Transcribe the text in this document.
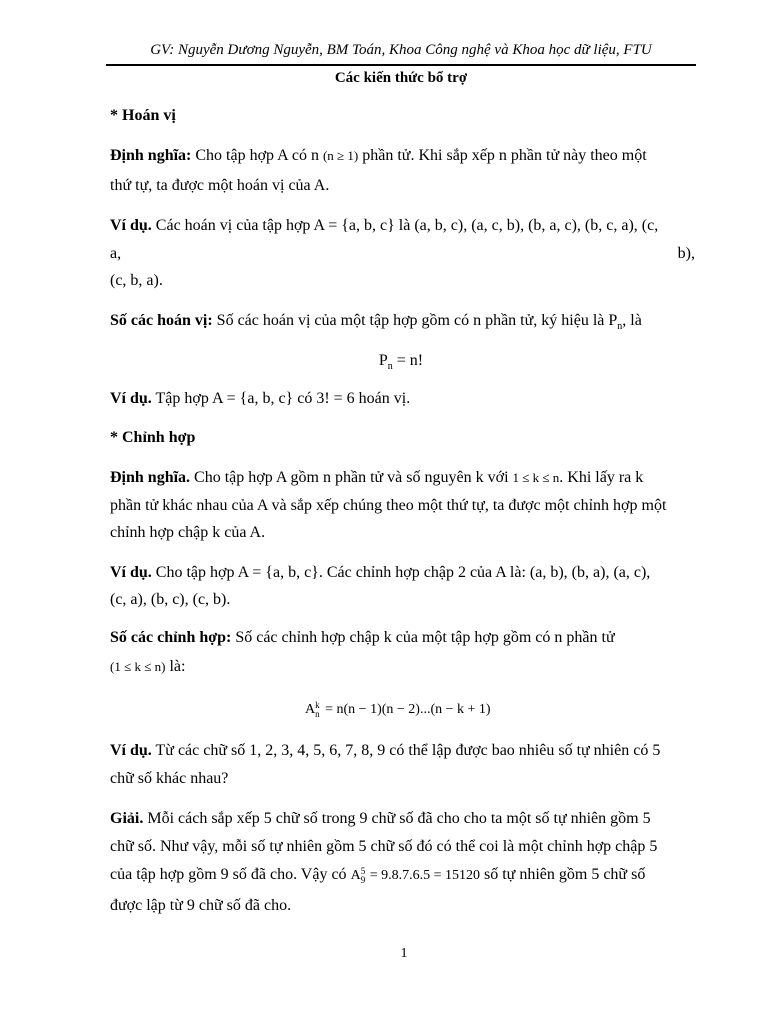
GV: Nguyễn Dương Nguyễn, BM Toán, Khoa Công nghệ và Khoa học dữ liệu, FTU
Các kiến thức bổ trợ
* Hoán vị
Định nghĩa: Cho tập hợp A có n (n ≥ 1) phần tử. Khi sắp xếp n phần tử này theo một
thứ tự, ta được một hoán vị của A.
Ví dụ. Các hoán vị của tập hợp A = {a, b, c} là (a, b, c), (a, c, b), (b, a, c), (b, c, a), (c,
a,	b),
(c, b, a).
Số các hoán vị: Số các hoán vị của một tập hợp gồm có n phần tử, ký hiệu là $P_n$, là
$P_n = n$!
Ví dụ. Tập hợp A = {a, b, c} có 3! = 6 hoán vị.
* Chỉnh hợp
Định nghĩa. Cho tập hợp A gồm n phần tử và số nguyên k với 1 ≤ k ≤ n. Khi lấy ra k
phần tử khác nhau của A và sắp xếp chúng theo một thứ tự, ta được một chỉnh hợp một
chỉnh hợp chập k của A.
Ví dụ. Cho tập hợp A = {a, b, c}. Các chỉnh hợp chập 2 của A là: (a, b), (b, a), (a, c),
(c, a), (b, c), (c, b).
Số các chỉnh hợp: Số các chỉnh hợp chập k của một tập hợp gồm có n phần tử
(1 ≤ k ≤ n) là:
A k
n = n(n − 1)(n − 2)...(n − k + 1)
Ví dụ. Từ các chữ số 1, 2, 3, 4, 5, 6, 7, 8, 9 có thể lập được bao nhiêu số tự nhiên có 5
chữ số khác nhau?
Giải. Mỗi cách sắp xếp 5 chữ số trong 9 chữ số đã cho cho ta một số tự nhiên gồm 5
chữ số. Như vậy, mỗi số tự nhiên gồm 5 chữ số đó có thể coi là một chỉnh hợp chập 5
của tập hợp gồm 9 số đã cho. Vậy có A 5
9 = 9.8.7.6.5 = 15120 số tự nhiên gồm 5 chữ số
được lập từ 9 chữ số đã cho.
1
